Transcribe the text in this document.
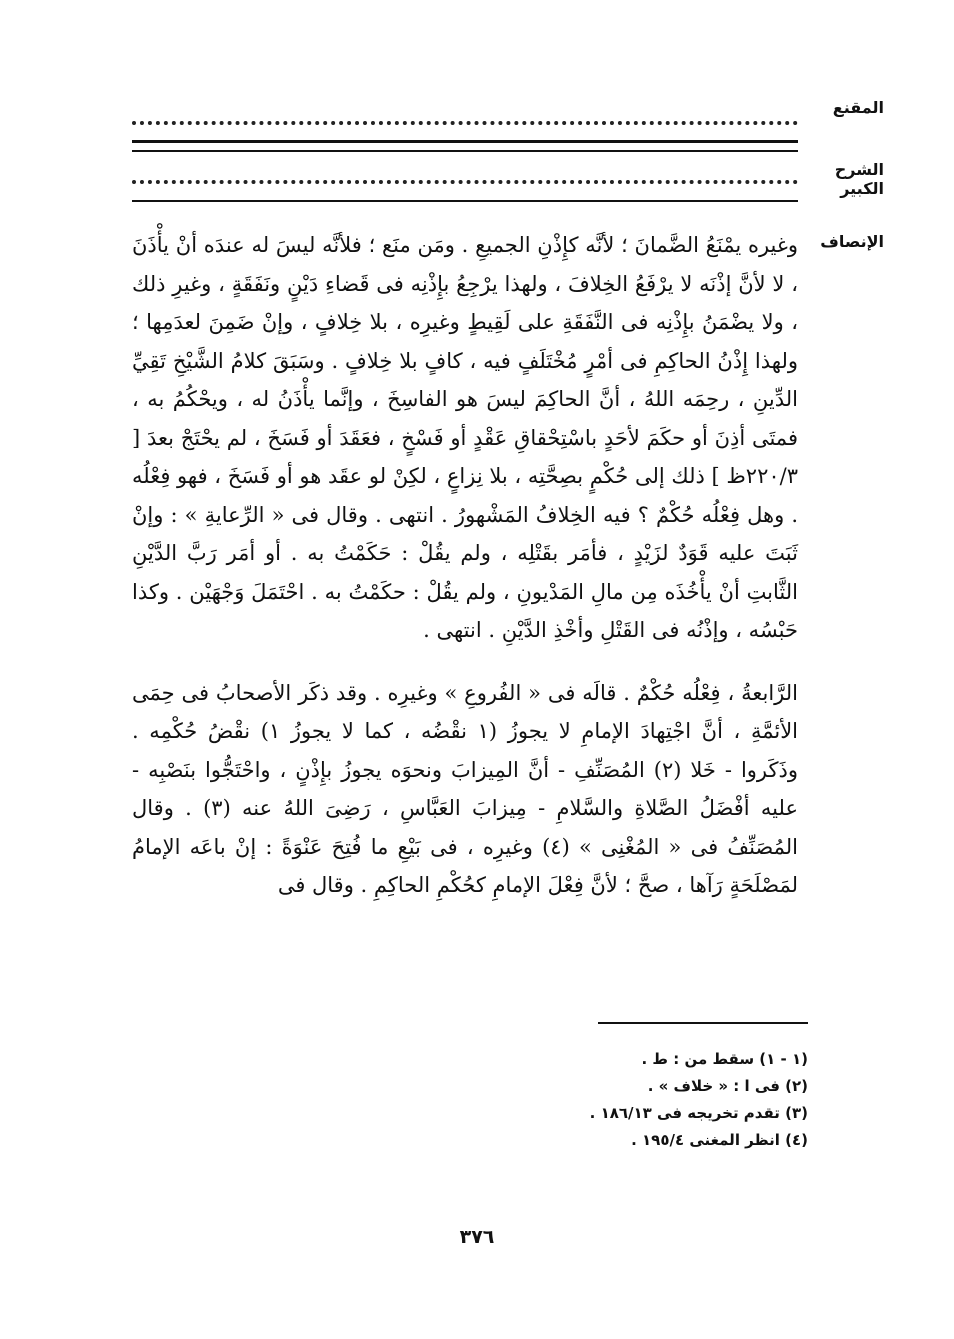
المقنع
الشرح الكبير
الإنصاف

وغيره يمْنَعُ الضَّمانَ ؛ لأنَّه كإِذْنِ الجميعِ . ومَن منَع ؛ فلأنَّه ليسَ له عندَه أنْ يأْذَنَ ، لا لأنَّ إذْنَه لا يرْفَعُ الخِلافَ ، ولهذا يرْجِعُ بإِذْنِه فى قَضاءِ دَيْنٍ ونَفَقَةٍ ، وغيرِ ذلك ، ولا يضْمَنُ بإِذْنِه فى النَّفَقَةِ على لَقِيطٍ وغيرِه ، بلا خِلافٍ ، وإنْ ضَمِنَ لعدَمِها ؛ ولهذا إِذْنُ الحاكِمِ فى أمْرٍ مُخْتَلَفٍ فيه ، كافٍ بلا خِلافٍ . وسَبَقَ كلامُ الشَّيْخِ تَقِيِّ الدِّينِ ، رحِمَه اللهُ ، أنَّ الحاكِمَ ليسَ هو الفاسِخَ ، وإنَّما يأْذَنُ له ، ويحْكُمُ به ، فمتَى أذِنَ أو حكَمَ لأحَدٍ باسْتِحْقاقِ عَقْدٍ أو فَسْخٍ ، فعَقَدَ أو فَسَخَ ، لم يحْتَجْ بعدَ [ ٢٢٠/٣ظ ] ذلك إلى حُكْمٍ بصِحَّتِه ، بلا نِزاعٍ ، لكِنْ لو عقَد هو أو فَسَخَ ، فهو فِعْلُه . وهل فِعْلُه حُكْمٌ ؟ فيه الخِلافُ المَشْهورُ . انتهى . وقال فى « الرِّعايةِ » : وإنْ ثَبَتَ عليه قَوَدٌ لزَيْدٍ ، فأمَر بقَتْلِه ، ولم يقُلْ : حَكَمْتُ به . أو أمَر رَبَّ الدَّيْنِ الثَّابتِ أنْ يأْخُذَه مِن مالِ المَدْيونِ ، ولم يقُلْ : حكَمْتُ به . احْتَمَلَ وَجْهَيْن . وكذا حَبْسُه ، وإذْنُه فى القَتْلِ وأخْذِ الدَّيْنِ . انتهى .

الرَّابعةُ ، فِعْلُه حُكْمٌ . قالَه فى « الفُروعِ » وغيرِه . وقد ذكَر الأصحابُ فى حِمَى الأئمَّةِ ، أنَّ اجْتِهادَ الإمامِ لا يجوزُ (١ نقْضُه ، كما لا يجوزُ ١) نقْضُ حُكْمِه . وذَكَروا - خَلا (٢) المُصَنِّفِ - أنَّ المِيزابَ ونحوَه يجوزُ بإِذْنٍ ، واحْتَجُّوا بنَصْبِه - عليه أفْضَلُ الصَّلاةِ والسَّلامِ - مِيزابَ العَبَّاسِ ، رَضِىَ اللهُ عنه (٣) . وقال المُصَنِّفُ فى « المُغْنِى » (٤) وغيرِه ، فى بَيْعِ ما فُتِحَ عَنْوَةً : إنْ باعَه الإمامُ لمَصْلَحَةٍ رَآها ، صحَّ ؛ لأنَّ فِعْلَ الإمامِ كحُكْمِ الحاكِمِ . وقال فى

(١ - ١) سقط من : ط .
(٢) فى ا : « خلاف » .
(٣) تقدم تخريجه فى ١٨٦/١٣ .
(٤) انظر المغنى ١٩٥/٤ .
٣٧٦
